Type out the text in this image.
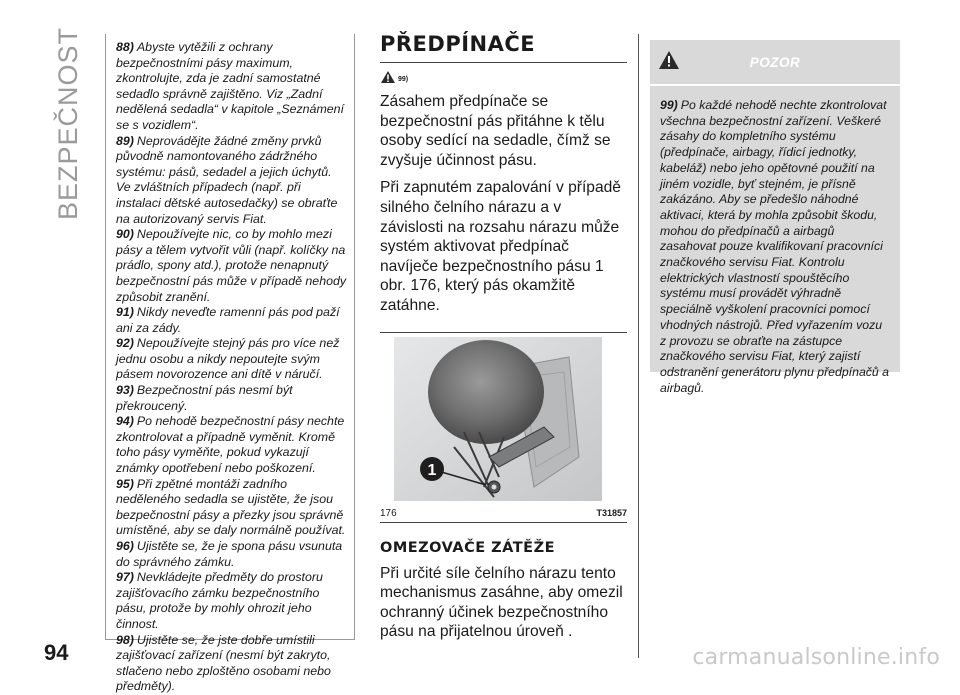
BEZPEČNOST	88) Abyste vytěžili z ochrany bezpečnostními pásy maximum, zkontrolujte, zda je zadní samostatné sedadlo správně zajištěno. Viz „Zadní nedělená sedadla“ v kapitole „Seznámení se s vozidlem“.

89) Neprovádějte žádné změny prvků původně namontovaného zádržného systému: pásů, sedadel a jejich úchytů. Ve zvláštních případech (např. při instalaci dětské autosedačky) se obraťte na autorizovaný servis Fiat.

90) Nepoužívejte nic, co by mohlo mezi pásy a tělem vytvořit vůli (např. kolíčky na prádlo, spony atd.), protože nenapnutý bezpečnostní pás může v případě nehody způsobit zranění.

91) Nikdy neveďte ramenní pás pod paží ani za zády.

92) Nepoužívejte stejný pás pro více než jednu osobu a nikdy nepoutejte svým pásem novorozence ani dítě v náručí.

93) Bezpečnostní pás nesmí být překroucený.

94) Po nehodě bezpečnostní pásy nechte zkontrolovat a případně vyměnit. Kromě toho pásy vyměňte, pokud vykazují známky opotřebení nebo poškození.

95) Při zpětné montáži zadního neděleného sedadla se ujistěte, že jsou bezpečnostní pásy a přezky jsou správně umístěné, aby se daly normálně používat.

96) Ujistěte se, že je spona pásu vsunuta do správného zámku.

97) Nevkládejte předměty do prostoru zajišťovacího zámku bezpečnostního pásu, protože by mohly ohrozit jeho činnost.

98) Ujistěte se, že jste dobře umístili zajišťovací zařízení (nesmí být zakryto, stlačeno nebo zploštěno osobami nebo předměty).

PŘEDPÍNAČE
99)

Zásahem předpínače se bezpečnostní pás přitáhne k tělu osoby sedící na sedadle, čímž se zvyšuje účinnost pásu.

Při zapnutém zapalování v případě silného čelního nárazu a v závislosti na rozsahu nárazu může systém aktivovat předpínač navíječe bezpečnostního pásu 1 obr. 176, který pás okamžitě zatáhne.

1
176	T31857
OMEZOVAČE ZÁTĚŽE

Při určité síle čelního nárazu tento mechanismus zasáhne, aby omezil ochranný účinek bezpečnostního pásu na přijatelnou úroveň .

POZOR
99) Po každé nehodě nechte zkontrolovat všechna bezpečnostní zařízení. Veškeré zásahy do kompletního systému (předpínače, airbagy, řídicí jednotky, kabeláž) nebo jeho opětovné použití na jiném vozidle, byť stejném, je přísně zakázáno. Aby se předešlo náhodné aktivaci, která by mohla způsobit škodu, mohou do předpínačů a airbagů zasahovat pouze kvalifikovaní pracovníci značkového servisu Fiat. Kontrolu elektrických vlastností spouštěcího systému musí provádět výhradně speciálně vyškolení pracovníci pomocí vhodných nástrojů. Před vyřazením vozu z provozu se obraťte na zástupce značkového servisu Fiat, který zajistí odstranění generátoru plynu předpínačů a airbagů.
94	carmanualsonline.info
